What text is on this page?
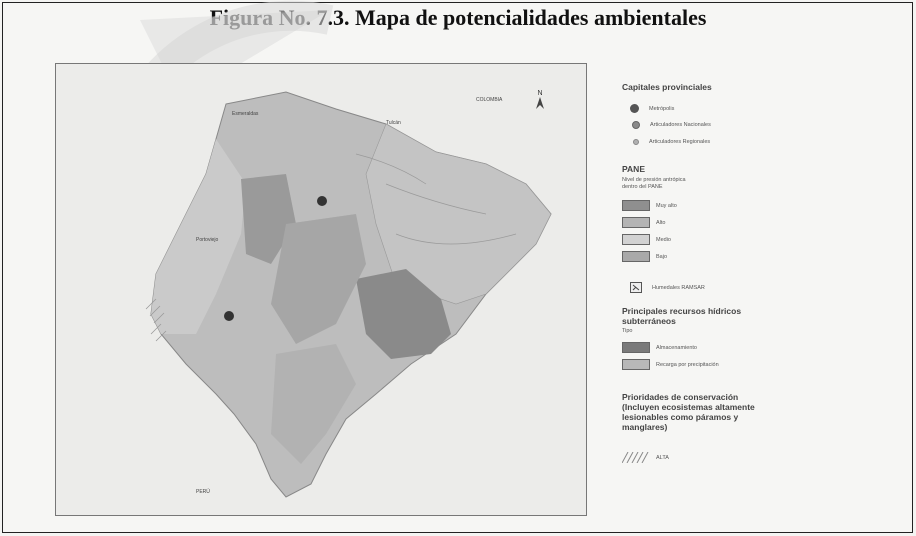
Figura No. 7.3. Mapa de potencialidades ambientales
COLOMBIA
PERÚ
Esmeraldas
Tulcán
Portoviejo
N
Capitales provinciales
Metrópolis
Articuladores Nacionales
Articuladores Regionales
PANE
Nivel de presión antrópica dentro del PANE
Muy alto
Alto
Medio
Bajo
Humedales RAMSAR
Principales recursos hídricos subterráneos
Tipo
Almacenamiento
Recarga por precipitación
Prioridades de conservación (Incluyen ecosistemas altamente lesionables como páramos y manglares)
ALTA
